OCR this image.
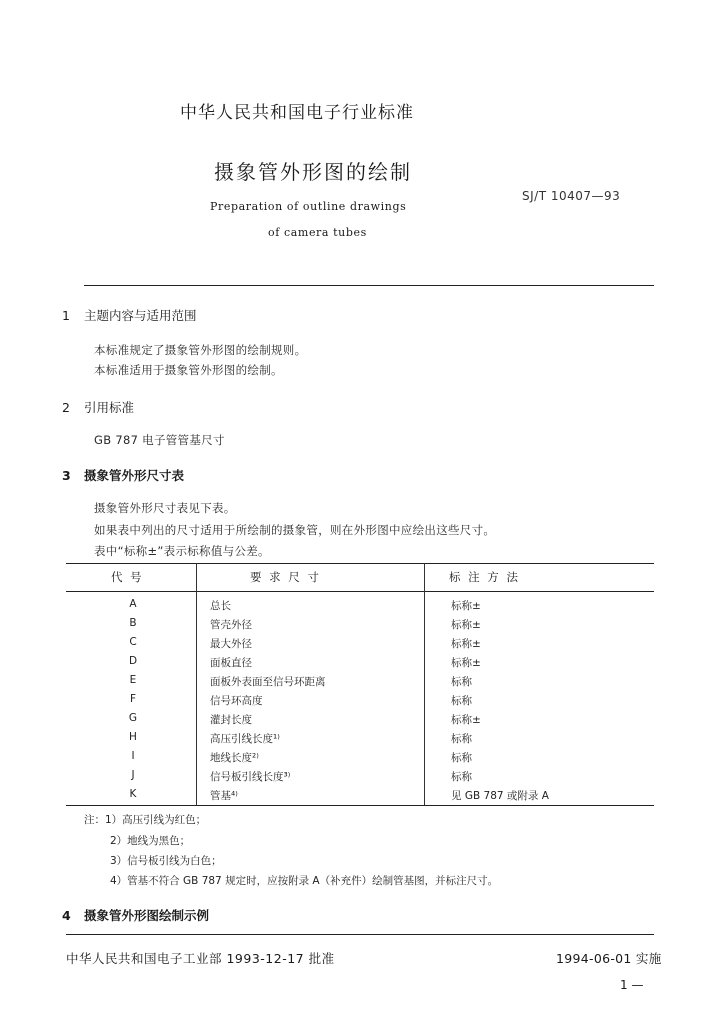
中华人民共和国电子行业标准
摄象管外形图的绘制
Preparation of outline drawings
of camera tubes
SJ/T 10407—93
1 主题内容与适用范围
本标准规定了摄象管外形图的绘制规则。
本标准适用于摄象管外形图的绘制。
2 引用标准
GB 787 电子管管基尺寸
3 摄象管外形尺寸表
摄象管外形尺寸表见下表。
如果表中列出的尺寸适用于所绘制的摄象管，则在外形图中应绘出这些尺寸。
表中“标称±”表示标称值与公差。
代 号	要 求 尺 寸	标 注 方 法
A	总长	标称±
B	管壳外径	标称±
C	最大外径	标称±
D	面板直径	标称±
E	面板外表面至信号环距离	标称
F	信号环高度	标称
G	灌封长度	标称±
H	高压引线长度¹⁾	标称
I	地线长度²⁾	标称
J	信号板引线长度³⁾	标称
K	管基⁴⁾	见 GB 787 或附录 A
注：1）高压引线为红色；
2）地线为黑色；
3）信号板引线为白色；
4）管基不符合 GB 787 规定时，应按附录 A（补充件）绘制管基图，并标注尺寸。
4 摄象管外形图绘制示例
中华人民共和国电子工业部 1993-12-17 批准	1994-06-01 实施
1 —
